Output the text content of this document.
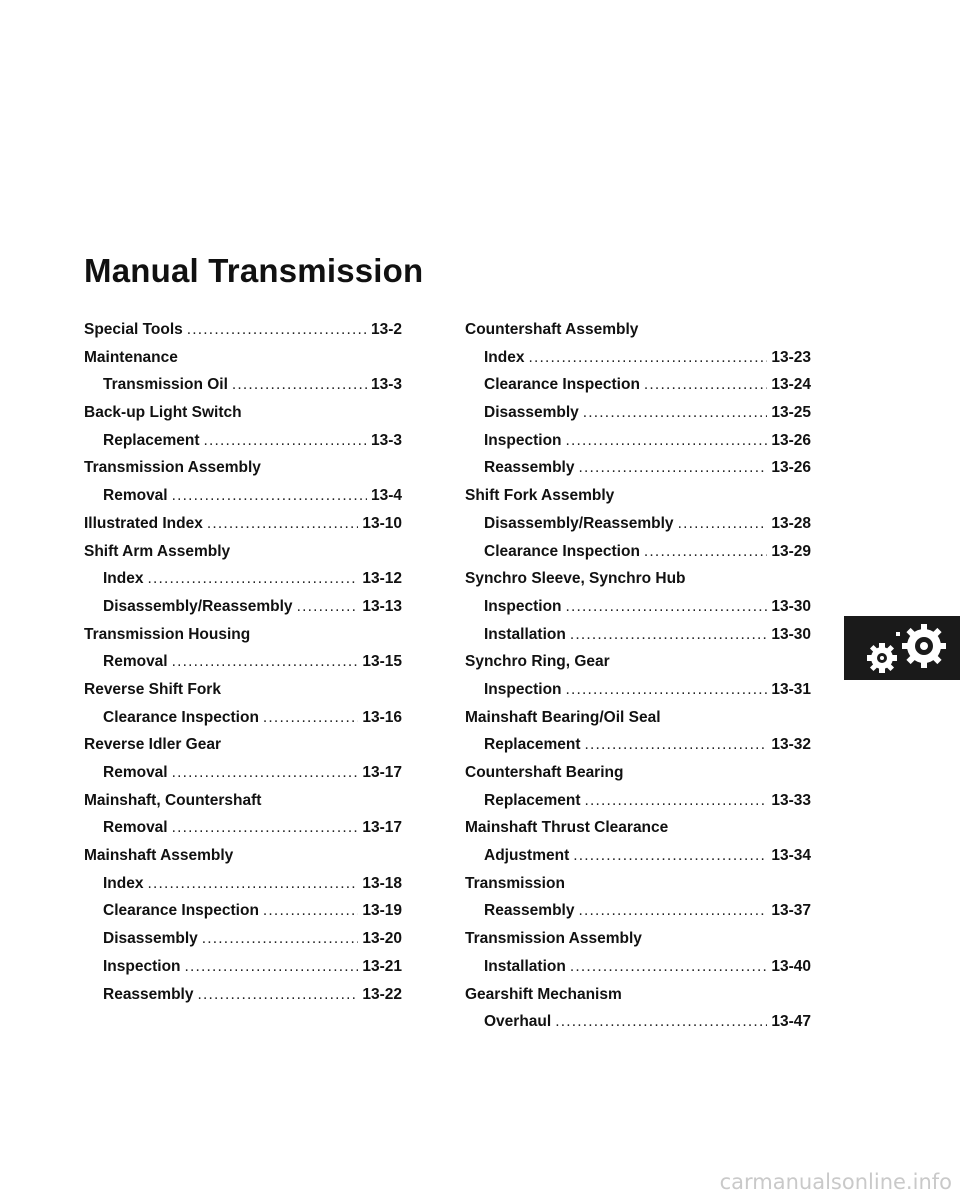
Manual Transmission
Special Tools .....	13-2
Maintenance
Transmission Oil .....	13-3
Back-up Light Switch
Replacement .....	13-3
Transmission Assembly
Removal .....	13-4
Illustrated Index .....	13-10
Shift Arm Assembly
Index .....	13-12
Disassembly/Reassembly .....	13-13
Transmission Housing
Removal .....	13-15
Reverse Shift Fork
Clearance Inspection .....	13-16
Reverse Idler Gear
Removal .....	13-17
Mainshaft, Countershaft
Removal .....	13-17
Mainshaft Assembly
Index .....	13-18
Clearance Inspection .....	13-19
Disassembly .....	13-20
Inspection .....	13-21
Reassembly .....	13-22
Countershaft Assembly
Index .....	13-23
Clearance Inspection .....	13-24
Disassembly .....	13-25
Inspection .....	13-26
Reassembly .....	13-26
Shift Fork Assembly
Disassembly/Reassembly .....	13-28
Clearance Inspection .....	13-29
Synchro Sleeve, Synchro Hub
Inspection .....	13-30
Installation .....	13-30
Synchro Ring, Gear
Inspection .....	13-31
Mainshaft Bearing/Oil Seal
Replacement .....	13-32
Countershaft Bearing
Replacement .....	13-33
Mainshaft Thrust Clearance
Adjustment .....	13-34
Transmission
Reassembly .....	13-37
Transmission Assembly
Installation .....	13-40
Gearshift Mechanism
Overhaul .....	13-47
carmanualsonline.info
